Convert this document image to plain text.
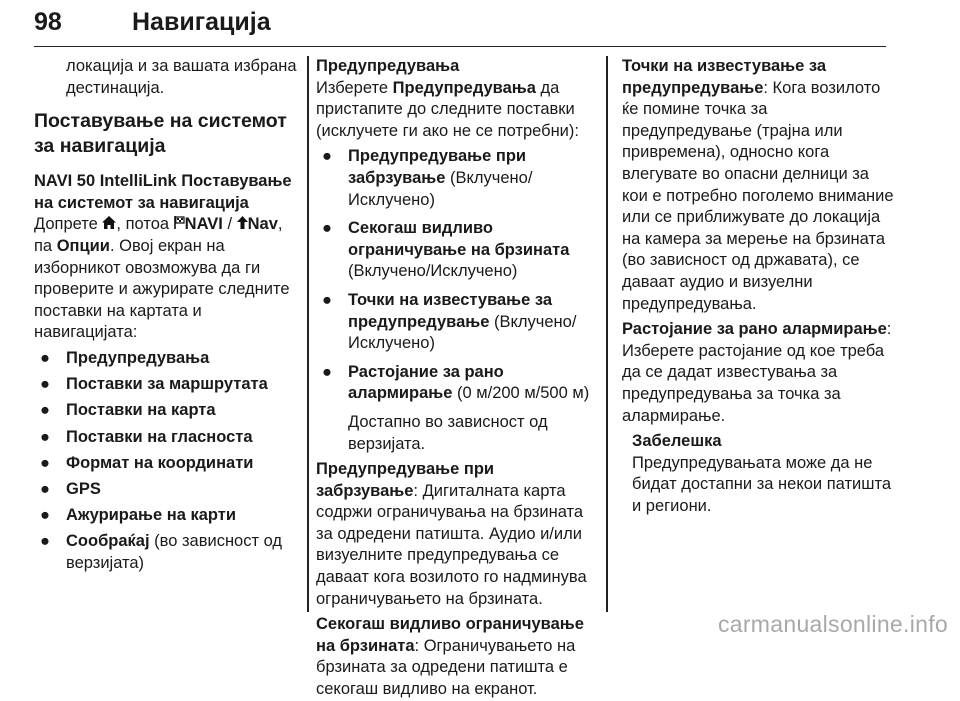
98	Навигација

локација и за вашата избрана дестинација.

Поставување на системот за навигација

NAVI 50 IntelliLink Поставување на системот за навигација

Допрете , потоа NAVI / Nav, па Опции. Овој екран на изборникот овозможува да ги проверите и ажурирате следните поставки на картата и навигацијата:

● Предупредувања
● Поставки за маршрутата
● Поставки на карта
● Поставки на гласноста
● Формат на координати
● GPS
● Ажурирање на карти
● Сообраќај (во зависност од верзијата)

Предупредувања

Изберете Предупредувања да пристапите до следните поставки (исклучете ги ако не се потребни):

● Предупредување при забрзување (Вклучено/ Исклучено)
● Секогаш видливо ограничување на брзината (Вклучено/Исклучено)
● Точки на известување за предупредување (Вклучено/ Исклучено)
● Растојание за рано алармирање (0 м/200 м/500 м)

Достапно во зависност од верзијата.

Предупредување при забрзување: Дигиталната карта содржи ограничувања на брзината за одредени патишта. Аудио и/или визуелните предупредувања се даваат кога возилото го надминува ограничувањето на брзината.

Секогаш видливо ограничување на брзината: Ограничувањето на брзината за одредени патишта е секогаш видливо на екранот.

Точки на известување за предупредување: Кога возилото ќе помине точка за предупредување (трајна или привремена), односно кога влегувате во опасни делници за кои е потребно поголемо внимание или се приближувате до локација на камера за мерење на брзината (во зависност од државата), се даваат аудио и визуелни предупредувања.

Растојание за рано алармирање: Изберете растојание од кое треба да се дадат известувања за предупредувања за точка за алармирање.

Забелешка

Предупредувањата може да не бидат достапни за некои патишта и региони.

carmanualsonline.info
